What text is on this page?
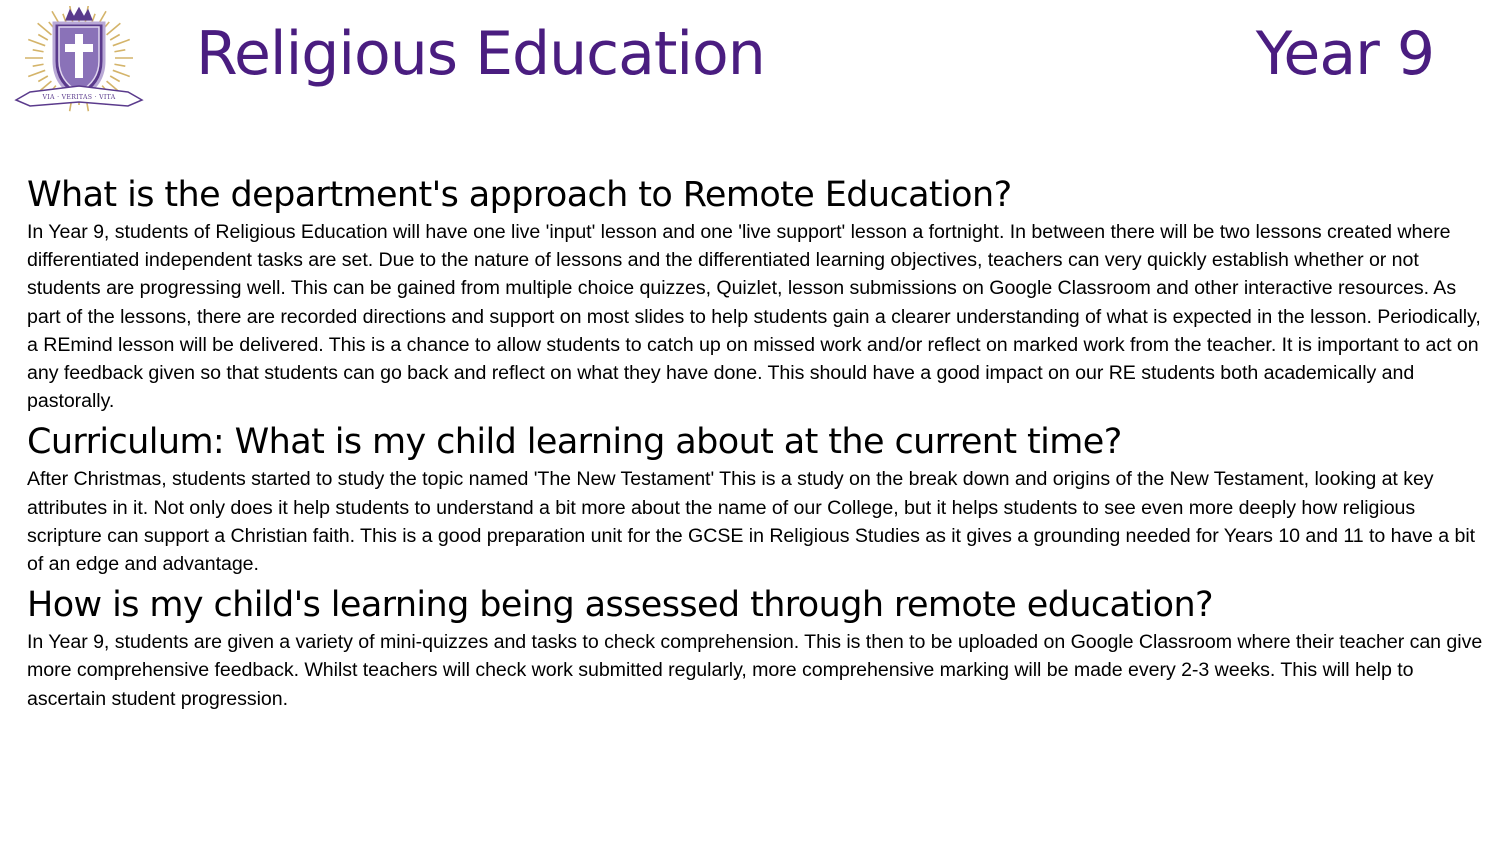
VIA · VERITAS · VITA
Religious Education	Year 9
What is the department's approach to Remote Education?

In Year 9, students of Religious Education will have one live 'input' lesson and one 'live support' lesson a fortnight. In between there will be two lessons created where differentiated independent tasks are set. Due to the nature of lessons and the differentiated learning objectives, teachers can very quickly establish whether or not students are progressing well. This can be gained from multiple choice quizzes, Quizlet, lesson submissions on Google Classroom and other interactive resources. As part of the lessons, there are recorded directions and support on most slides to help students gain a clearer understanding of what is expected in the lesson. Periodically, a REmind lesson will be delivered. This is a chance to allow students to catch up on missed work and/or reflect on marked work from the teacher. It is important to act on any feedback given so that students can go back and reflect on what they have done. This should have a good impact on our RE students both academically and pastorally.

Curriculum: What is my child learning about at the current time?

After Christmas, students started to study the topic named 'The New Testament' This is a study on the break down and origins of the New Testament, looking at key attributes in it. Not only does it help students to understand a bit more about the name of our College, but it helps students to see even more deeply how religious scripture can support a Christian faith. This is a good preparation unit for the GCSE in Religious Studies as it gives a grounding needed for Years 10 and 11 to have a bit of an edge and advantage.

How is my child's learning being assessed through remote education?

In Year 9, students are given a variety of mini-quizzes and tasks to check comprehension. This is then to be uploaded on Google Classroom where their teacher can give more comprehensive feedback. Whilst teachers will check work submitted regularly, more comprehensive marking will be made every 2-3 weeks. This will help to ascertain student progression.
